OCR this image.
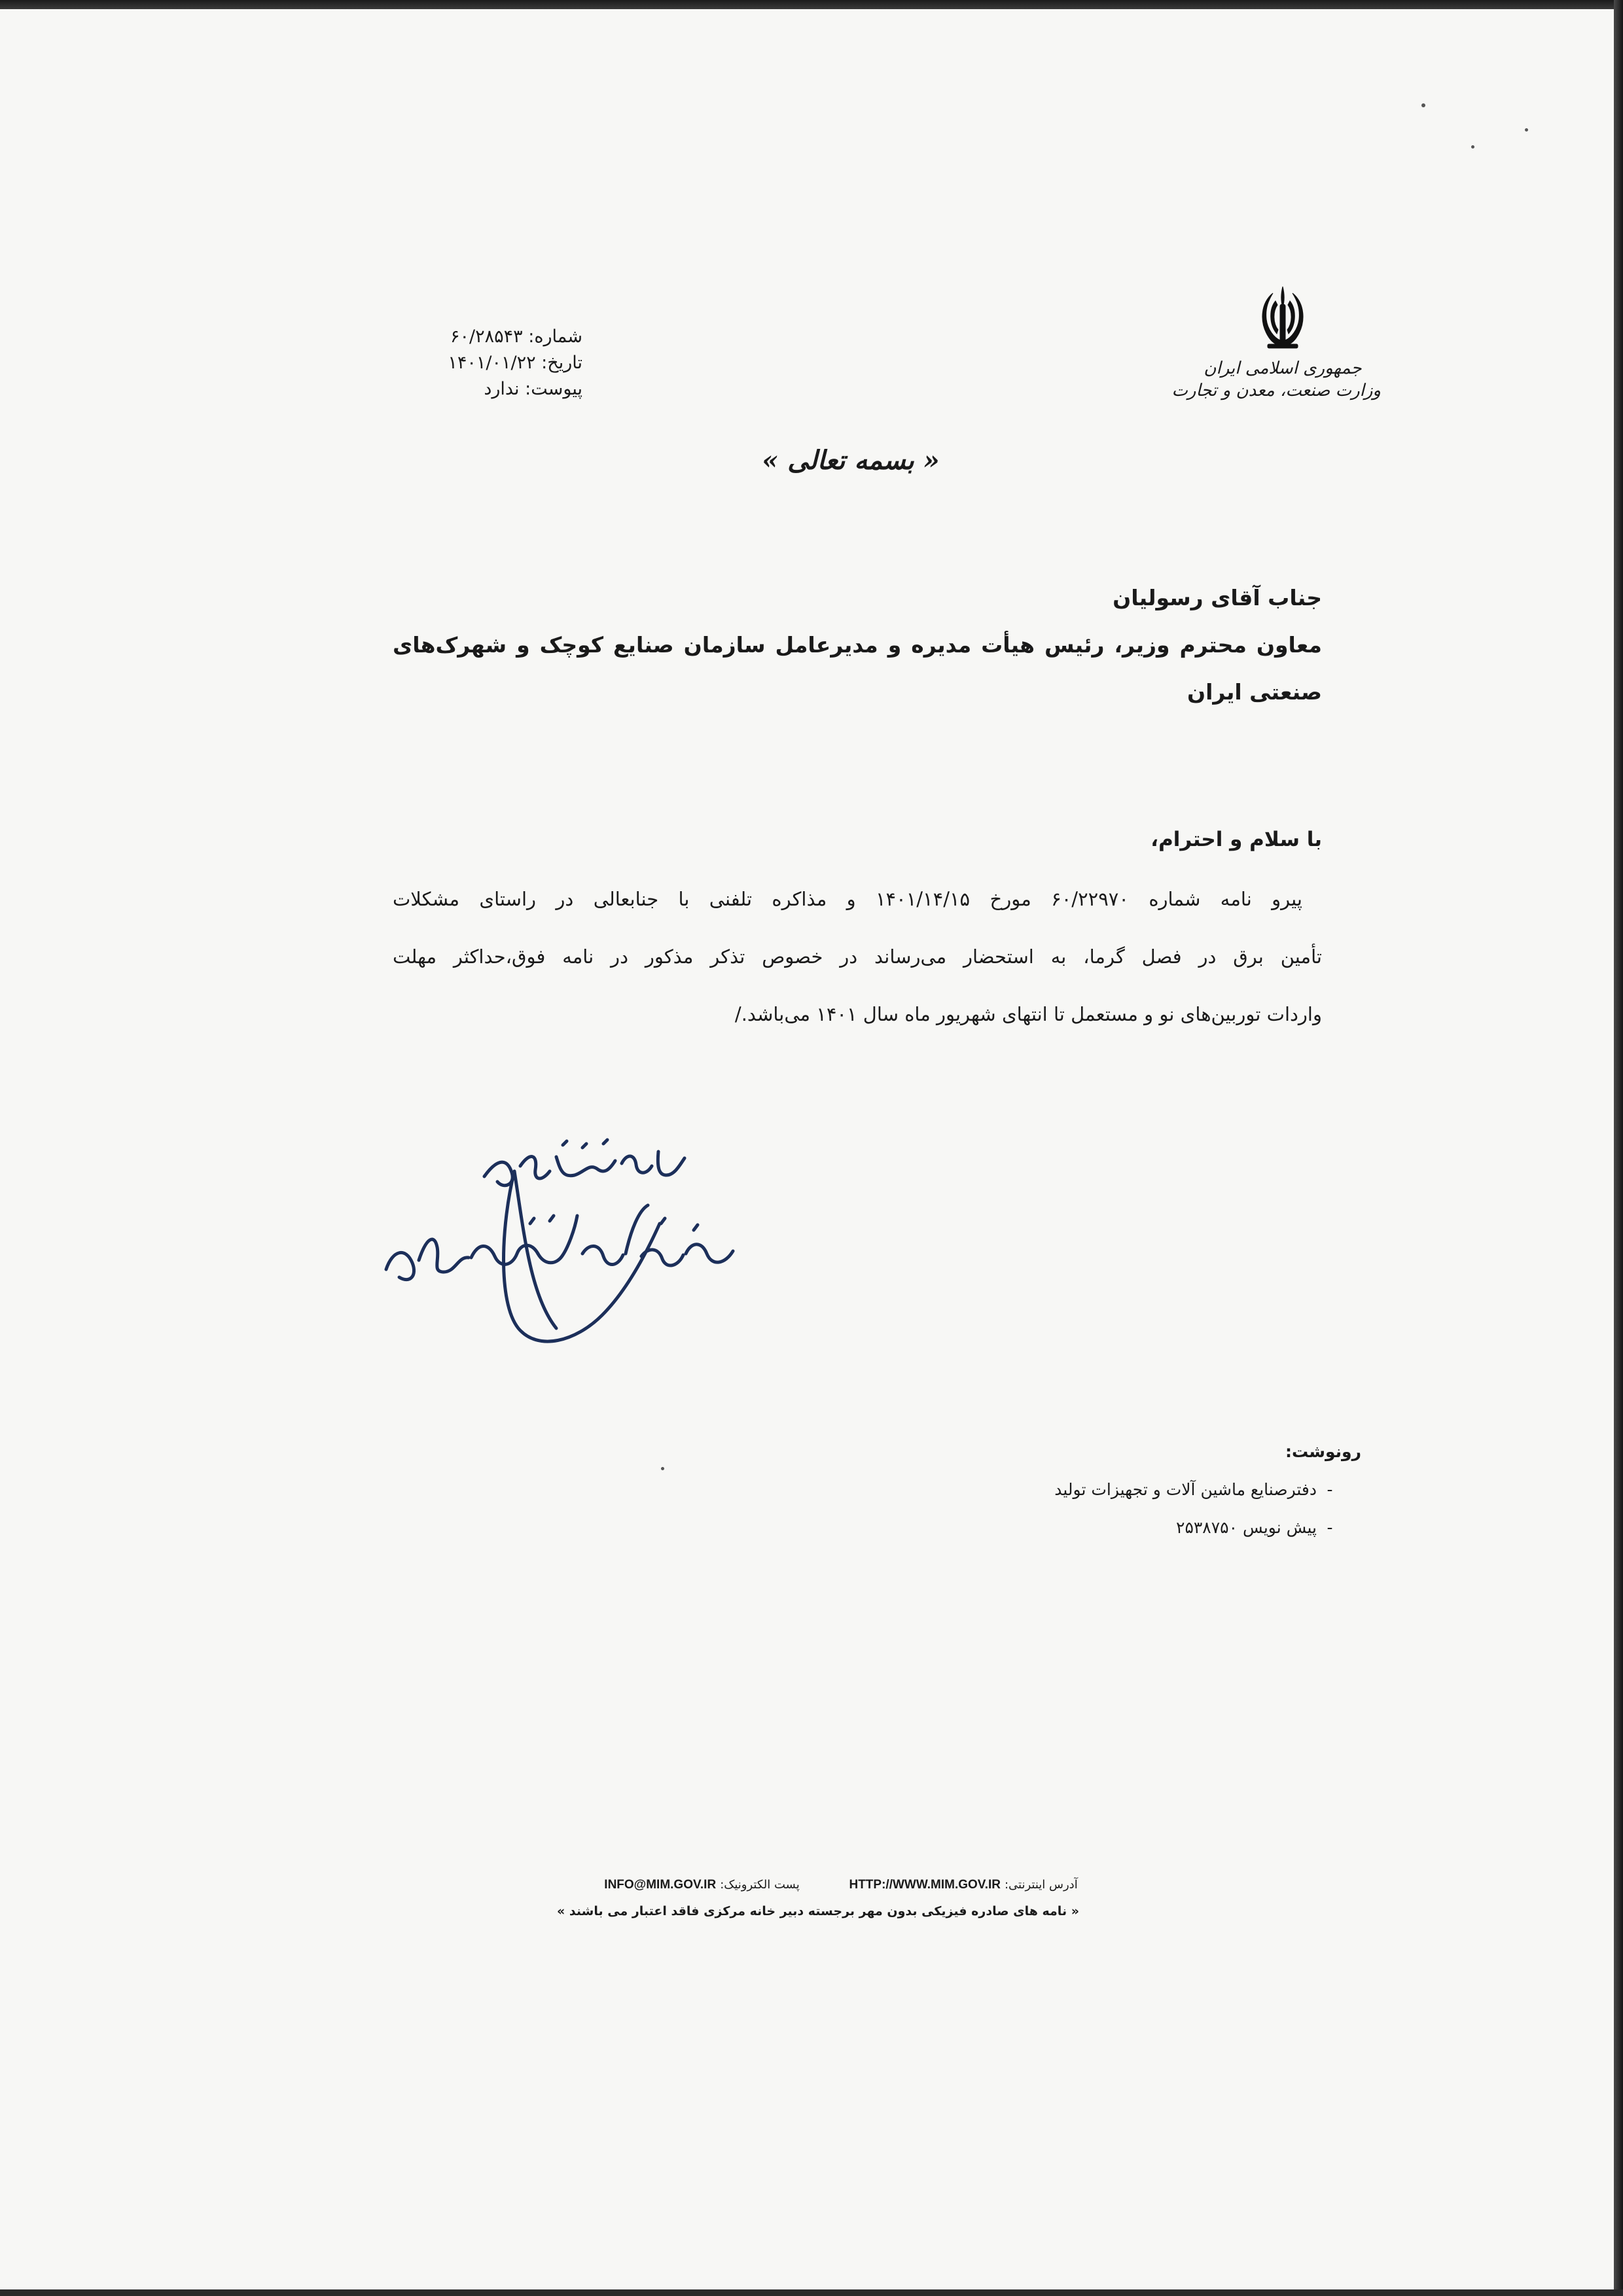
جمهوری اسلامی ایران
وزارت صنعت، معدن و تجارت
شماره: ۶۰/۲۸۵۴۳
تاریخ: ۱۴۰۱/۰۱/۲۲
پیوست: ندارد
« بسمه تعالی »
جناب آقای رسولیان
معاون محترم وزیر، رئیس هیأت مدیره و مدیرعامل سازمان صنایع کوچک و شهرک‌های
صنعتی ایران
با سلام و احترام،
پیرو نامه شماره ۶۰/۲۲۹۷۰ مورخ ۱۴۰۱/۱۴/۱۵ و مذاکره تلفنی با جنابعالی در راستای مشکلات
تأمین برق در فصل گرما، به استحضار می‌رساند در خصوص تذکر مذکور در نامه فوق،حداکثر مهلت
واردات توربین‌های نو و مستعمل تا انتهای شهریور ماه سال ۱۴۰۱ می‌باشد./
رونوشت:
-دفترصنایع ماشین آلات و تجهیزات تولید
-پیش نویس ۲۵۳۸۷۵۰
آدرس اینترنتی:HTTP://WWW.MIM.GOV.IR پست الکترونیک:INFO@MIM.GOV.IR
« نامه های صادره فیزیکی بدون مهر برجسته دبیر خانه مرکزی فاقد اعتبار می باشند »
